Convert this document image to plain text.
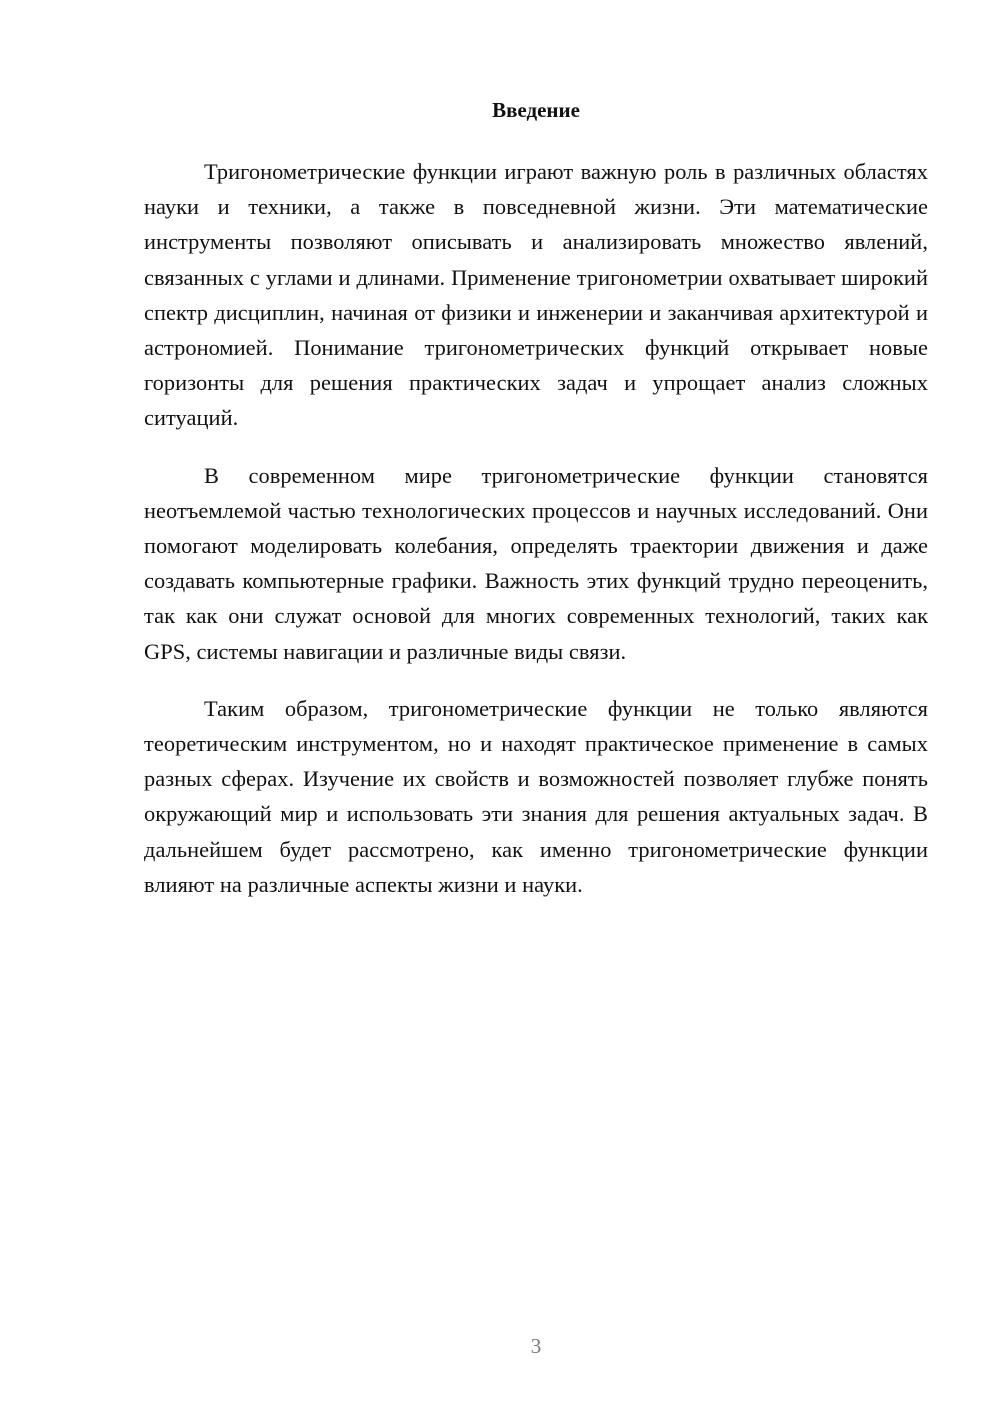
Введение

Тригонометрические функции играют важную роль в различных областях науки и техники, а также в повседневной жизни. Эти математические инструменты позволяют описывать и анализировать множество явлений, связанных с углами и длинами. Применение тригонометрии охватывает широкий спектр дисциплин, начиная от физики и инженерии и заканчивая архитектурой и астрономией. Понимание тригонометрических функций открывает новые горизонты для решения практических задач и упрощает анализ сложных ситуаций.

В современном мире тригонометрические функции становятся неотъемлемой частью технологических процессов и научных исследований. Они помогают моделировать колебания, определять траектории движения и даже создавать компьютерные графики. Важность этих функций трудно переоценить, так как они служат основой для многих современных технологий, таких как GPS, системы навигации и различные виды связи.

Таким образом, тригонометрические функции не только являются теоретическим инструментом, но и находят практическое применение в самых разных сферах. Изучение их свойств и возможностей позволяет глубже понять окружающий мир и использовать эти знания для решения актуальных задач. В дальнейшем будет рассмотрено, как именно тригонометрические функции влияют на различные аспекты жизни и науки.

3
